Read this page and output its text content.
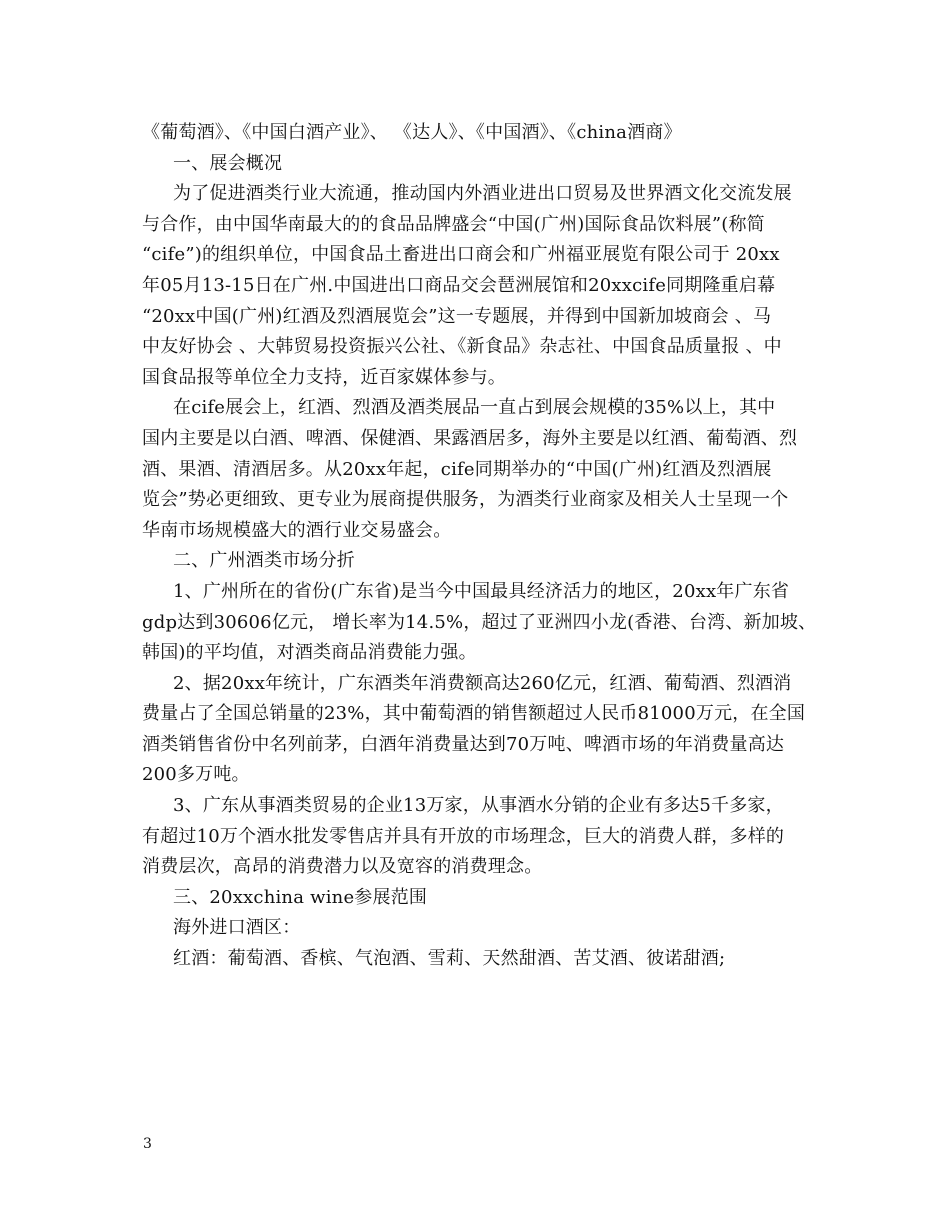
《葡萄酒》、《中国白酒产业》、 《达人》、《中国酒》、《china酒商》
一、展会概况
为了促进酒类行业大流通，推动国内外酒业进出口贸易及世界酒文化交流发展
与合作，由中国华南最大的的食品品牌盛会“中国(广州)国际食品饮料展”(称简
“cife”)的组织单位，中国食品土畜进出口商会和广州福亚展览有限公司于 20xx
年05月13-15日在广州.中国进出口商品交会琶洲展馆和20xxcife同期隆重启幕
“20xx中国(广州)红酒及烈酒展览会”这一专题展，并得到中国新加坡商会 、马
中友好协会 、大韩贸易投资振兴公社、《新食品》杂志社、中国食品质量报 、中
国食品报等单位全力支持，近百家媒体参与。
在cife展会上，红酒、烈酒及酒类展品一直占到展会规模的35%以上，其中
国内主要是以白酒、啤酒、保健酒、果露酒居多，海外主要是以红酒、葡萄酒、烈
酒、果酒、清酒居多。从20xx年起，cife同期举办的“中国(广州)红酒及烈酒展
览会”势必更细致、更专业为展商提供服务，为酒类行业商家及相关人士呈现一个
华南市场规模盛大的酒行业交易盛会。
二、广州酒类市场分折
1、广州所在的省份(广东省)是当今中国最具经济活力的地区，20xx年广东省
gdp达到30606亿元， 增长率为14.5%，超过了亚洲四小龙(香港、台湾、新加坡、
韩国)的平均值，对酒类商品消费能力强。
2、据20xx年统计，广东酒类年消费额高达260亿元，红酒、葡萄酒、烈酒消
费量占了全国总销量的23%，其中葡萄酒的销售额超过人民币81000万元，在全国
酒类销售省份中名列前茅，白酒年消费量达到70万吨、啤酒市场的年消费量高达
200多万吨。
3、广东从事酒类贸易的企业13万家，从事酒水分销的企业有多达5千多家，
有超过10万个酒水批发零售店并具有开放的市场理念，巨大的消费人群，多样的
消费层次，高昂的消费潜力以及宽容的消费理念。
三、20xxchina wine参展范围
海外进口酒区：
红酒：葡萄酒、香槟、气泡酒、雪莉、天然甜酒、苦艾酒、彼诺甜酒;
3
